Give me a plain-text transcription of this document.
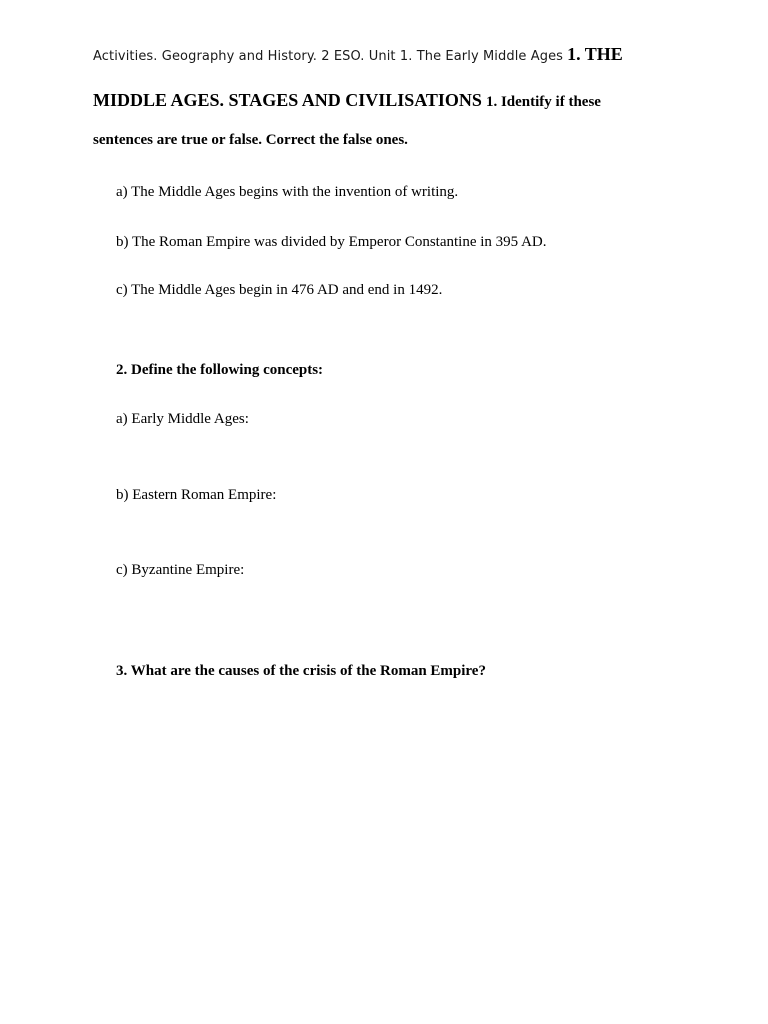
Activities. Geography and History. 2 ESO. Unit 1. The Early Middle Ages 1. THE
MIDDLE AGES. STAGES AND CIVILISATIONS 1. Identify if these
sentences are true or false. Correct the false ones.
a) The Middle Ages begins with the invention of writing.
b) The Roman Empire was divided by Emperor Constantine in 395 AD.
c) The Middle Ages begin in 476 AD and end in 1492.
2. Define the following concepts:
a) Early Middle Ages:
b) Eastern Roman Empire:
c) Byzantine Empire:
3. What are the causes of the crisis of the Roman Empire?
